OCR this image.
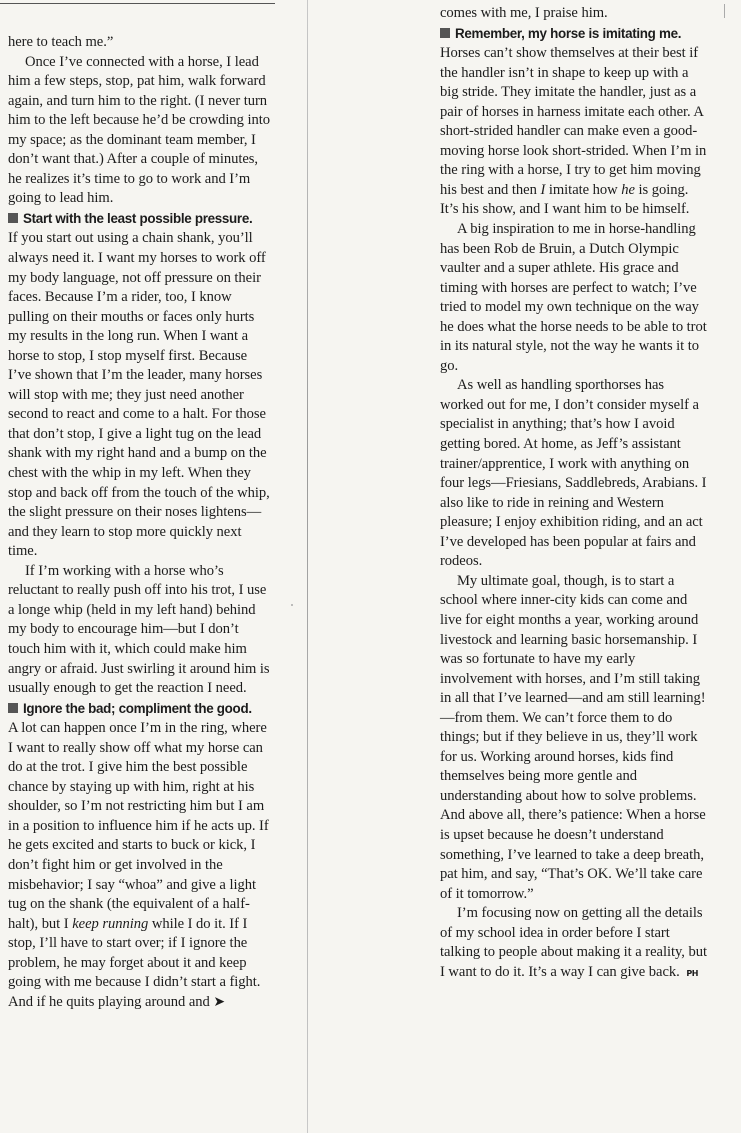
here to teach me.”

Once I’ve connected with a horse, I lead him a few steps, stop, pat him, walk forward again, and turn him to the right. (I never turn him to the left because he’d be crowding into my space; as the dominant team member, I don’t want that.) After a couple of minutes, he realizes it’s time to go to work and I’m going to lead him.

Start with the least possible pressure.

If you start out using a chain shank, you’ll always need it. I want my horses to work off my body language, not off pressure on their faces. Because I’m a rider, too, I know pulling on their mouths or faces only hurts my results in the long run. When I want a horse to stop, I stop myself first. Because I’ve shown that I’m the leader, many horses will stop with me; they just need another second to react and come to a halt. For those that don’t stop, I give a light tug on the lead shank with my right hand and a bump on the chest with the whip in my left. When they stop and back off from the touch of the whip, the slight pressure on their noses lightens—and they learn to stop more quickly next time.

If I’m working with a horse who’s reluctant to really push off into his trot, I use a longe whip (held in my left hand) behind my body to encourage him—but I don’t touch him with it, which could make him angry or afraid. Just swirling it around him is usually enough to get the reaction I need.

Ignore the bad; compliment the good.

A lot can happen once I’m in the ring, where I want to really show off what my horse can do at the trot. I give him the best possible chance by staying up with him, right at his shoulder, so I’m not restricting him but I am in a position to influence him if he acts up. If he gets excited and starts to buck or kick, I don’t fight him or get involved in the misbehavior; I say “whoa” and give a light tug on the shank (the equivalent of a half-halt), but I keep running while I do it. If I stop, I’ll have to start over; if I ignore the problem, he may forget about it and keep going with me because I didn’t start a fight. And if he quits playing around and ➤

comes with me, I praise him.

Remember, my horse is imitating me.

Horses can’t show themselves at their best if the handler isn’t in shape to keep up with a big stride. They imitate the handler, just as a pair of horses in harness imitate each other. A short-strided handler can make even a good-moving horse look short-strided. When I’m in the ring with a horse, I try to get him moving his best and then I imitate how he is going. It’s his show, and I want him to be himself.

A big inspiration to me in horse-handling has been Rob de Bruin, a Dutch Olympic vaulter and a super athlete. His grace and timing with horses are perfect to watch; I’ve tried to model my own technique on the way he does what the horse needs to be able to trot in its natural style, not the way he wants it to go.

As well as handling sporthorses has worked out for me, I don’t consider myself a specialist in anything; that’s how I avoid getting bored. At home, as Jeff’s assistant trainer/apprentice, I work with anything on four legs—Friesians, Saddlebreds, Arabians. I also like to ride in reining and Western pleasure; I enjoy exhibition riding, and an act I’ve developed has been popular at fairs and rodeos.

My ultimate goal, though, is to start a school where inner-city kids can come and live for eight months a year, working around livestock and learning basic horsemanship. I was so fortunate to have my early involvement with horses, and I’m still taking in all that I’ve learned—and am still learning!—from them. We can’t force them to do things; but if they believe in us, they’ll work for us. Working around horses, kids find themselves being more gentle and understanding about how to solve problems. And above all, there’s patience: When a horse is upset because he doesn’t understand something, I’ve learned to take a deep breath, pat him, and say, “That’s OK. We’ll take care of it tomorrow.”

I’m focusing now on getting all the details of my school idea in order before I start talking to people about making it a reality, but I want to do it. It’s a way I can give back. PH
